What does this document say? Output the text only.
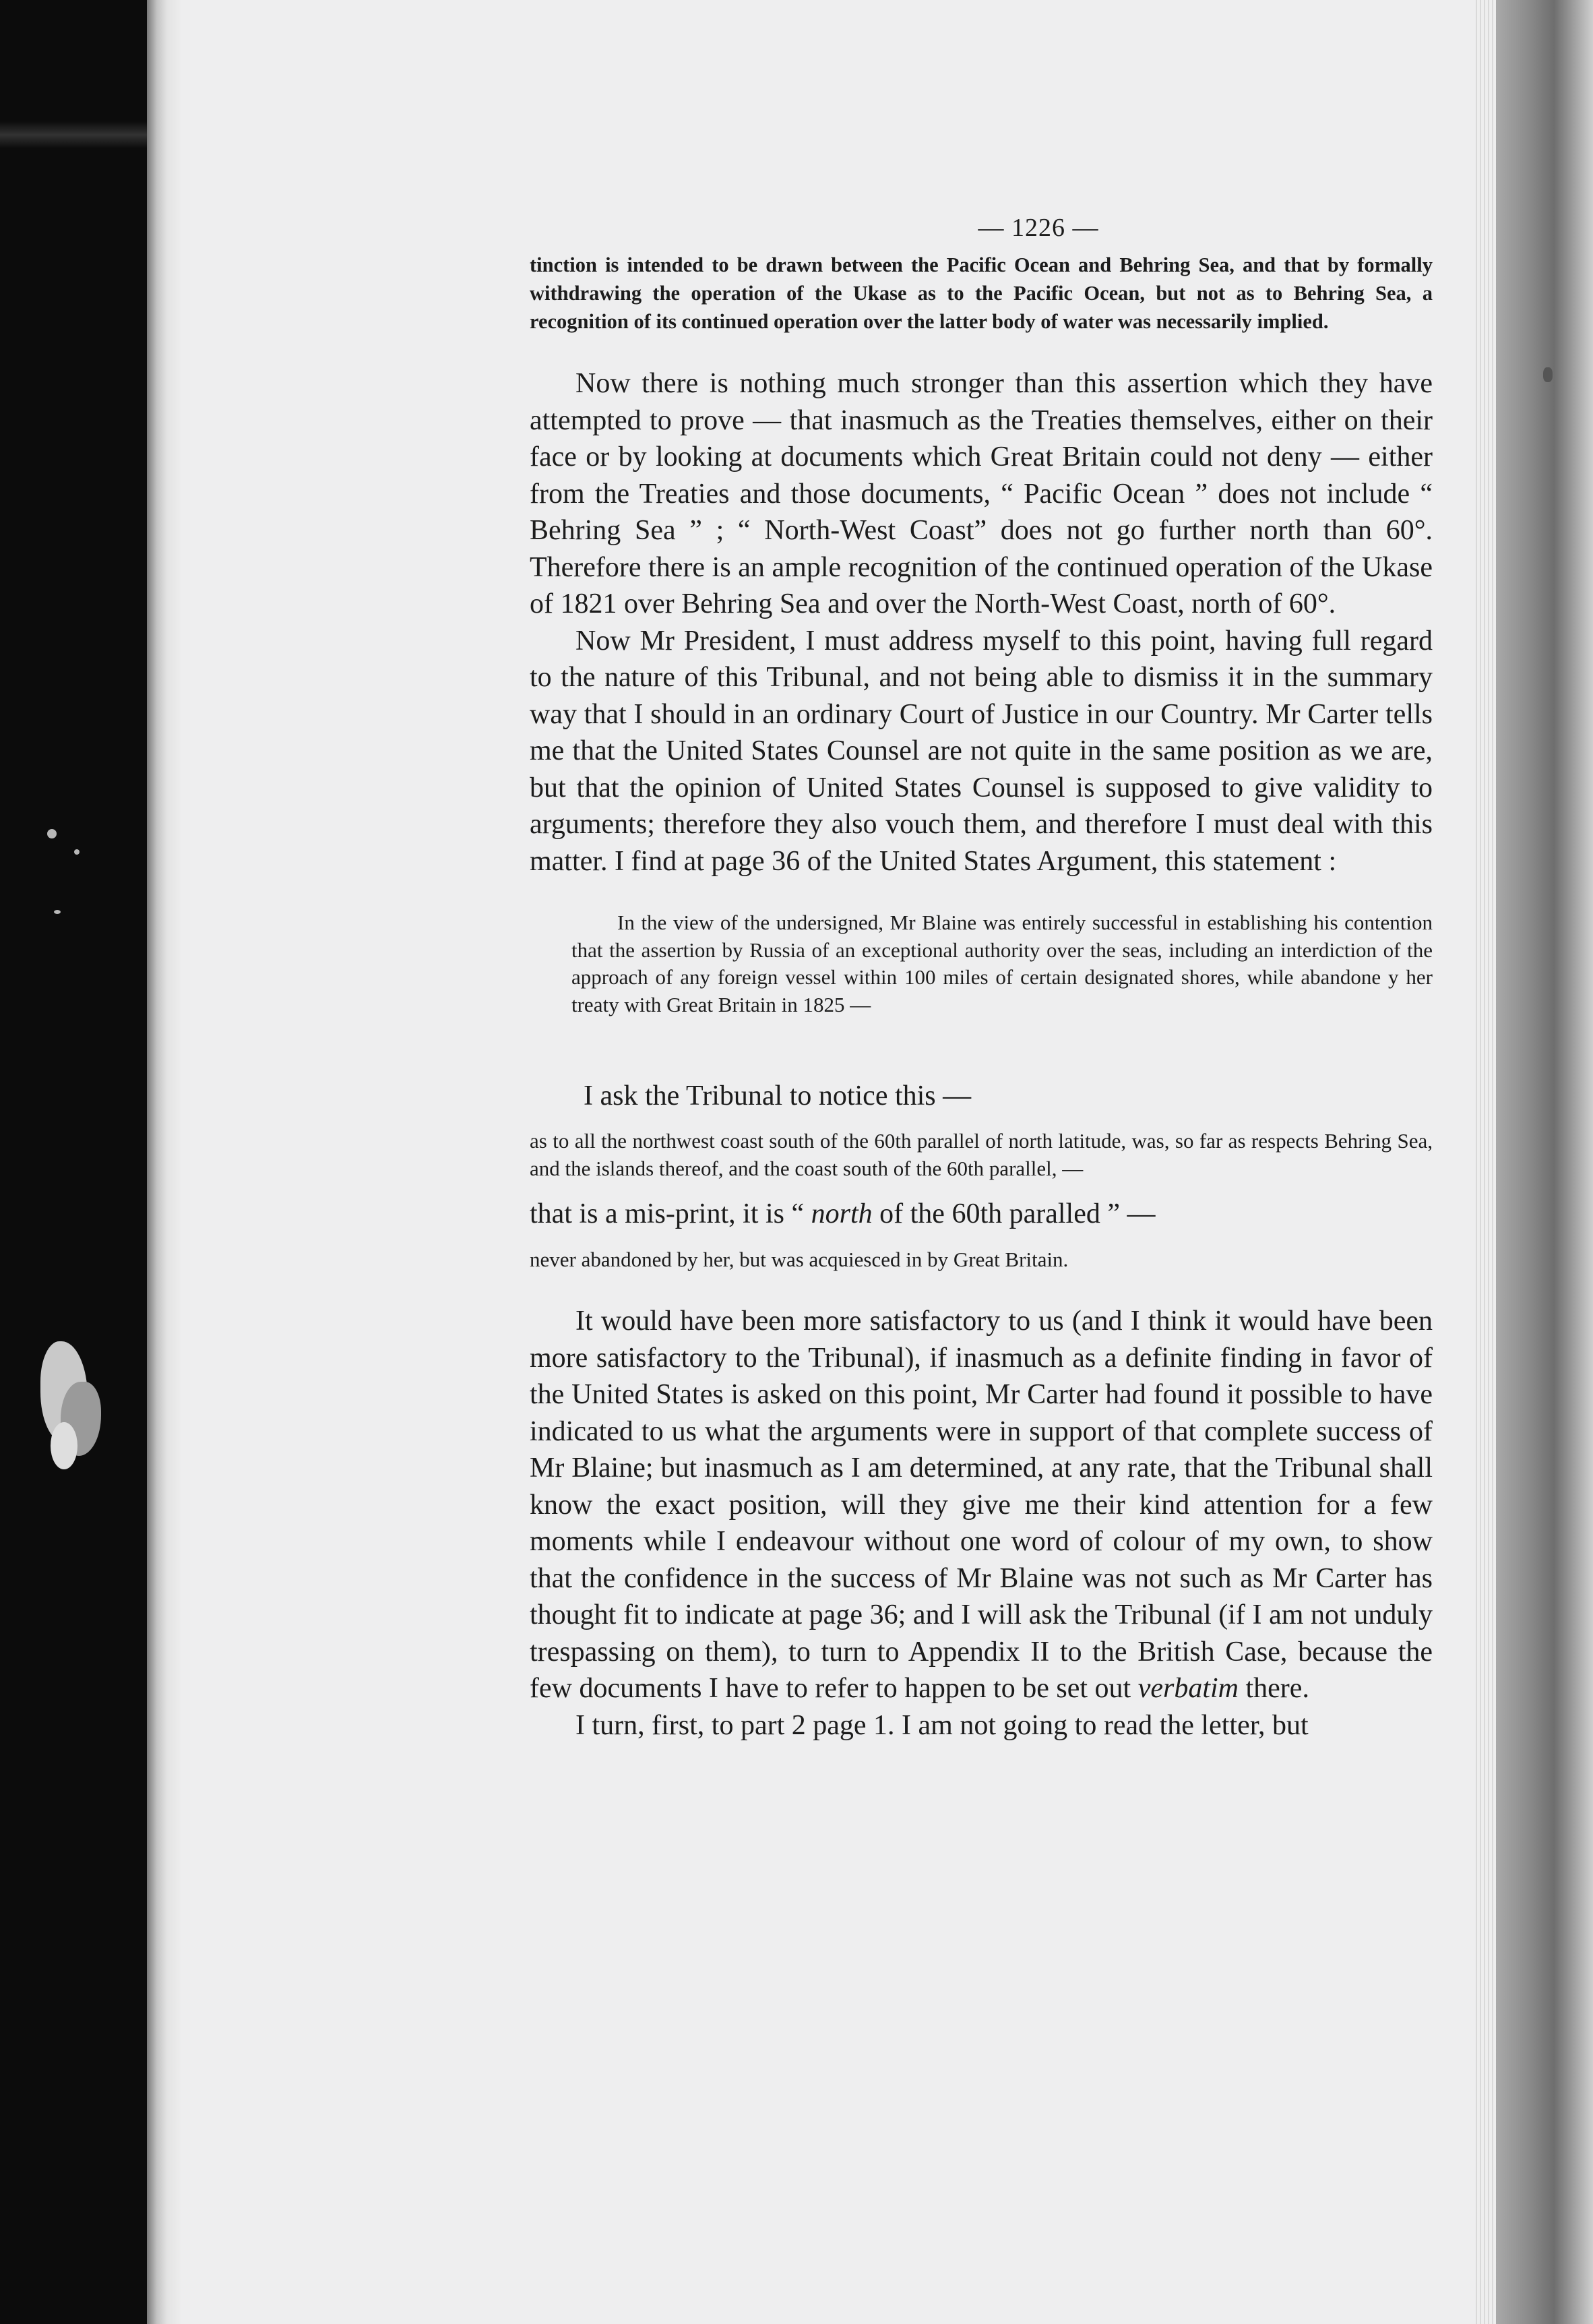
— 1226 —

tinction is intended to be drawn between the Pacific Ocean and Behring Sea, and that by formally withdrawing the operation of the Ukase as to the Pacific Ocean, but not as to Behring Sea, a recognition of its continued operation over the latter body of water was necessarily implied.

Now there is nothing much stronger than this assertion which they have attempted to prove — that inasmuch as the Treaties themselves, either on their face or by looking at documents which Great Britain could not deny — either from the Treaties and those documents, “ Pacific Ocean ” does not include “ Behring Sea ” ; “ North-West Coast” does not go further north than 60°. Therefore there is an ample recognition of the continued operation of the Ukase of 1821 over Behring Sea and over the North-West Coast, north of 60°.

Now Mr President, I must address myself to this point, having full regard to the nature of this Tribunal, and not being able to dismiss it in the summary way that I should in an ordinary Court of Justice in our Country. Mr Carter tells me that the United States Counsel are not quite in the same position as we are, but that the opinion of United States Counsel is supposed to give validity to arguments; therefore they also vouch them, and therefore I must deal with this matter. I find at page 36 of the United States Argument, this statement :

In the view of the undersigned, Mr Blaine was entirely successful in establishing his contention that the assertion by Russia of an exceptional authority over the seas, including an interdiction of the approach of any foreign vessel within 100 miles of certain designated shores, while abandone y her treaty with Great Britain in 1825 —

I ask the Tribunal to notice this —

as to all the northwest coast south of the 60th parallel of north latitude, was, so far as respects Behring Sea, and the islands thereof, and the coast south of the 60th parallel, —

that is a mis-print, it is “ north of the 60th paralled ” —

never abandoned by her, but was acquiesced in by Great Britain.

It would have been more satisfactory to us (and I think it would have been more satisfactory to the Tribunal), if inasmuch as a definite finding in favor of the United States is asked on this point, Mr Carter had found it possible to have indicated to us what the arguments were in support of that complete success of Mr Blaine; but inasmuch as I am determined, at any rate, that the Tribunal shall know the exact position, will they give me their kind attention for a few moments while I endeavour without one word of colour of my own, to show that the confidence in the success of Mr Blaine was not such as Mr Carter has thought fit to indicate at page 36; and I will ask the Tribunal (if I am not unduly trespassing on them), to turn to Appendix II to the British Case, because the few documents I have to refer to happen to be set out verbatim there.

I turn, first, to part 2 page 1. I am not going to read the letter, but
